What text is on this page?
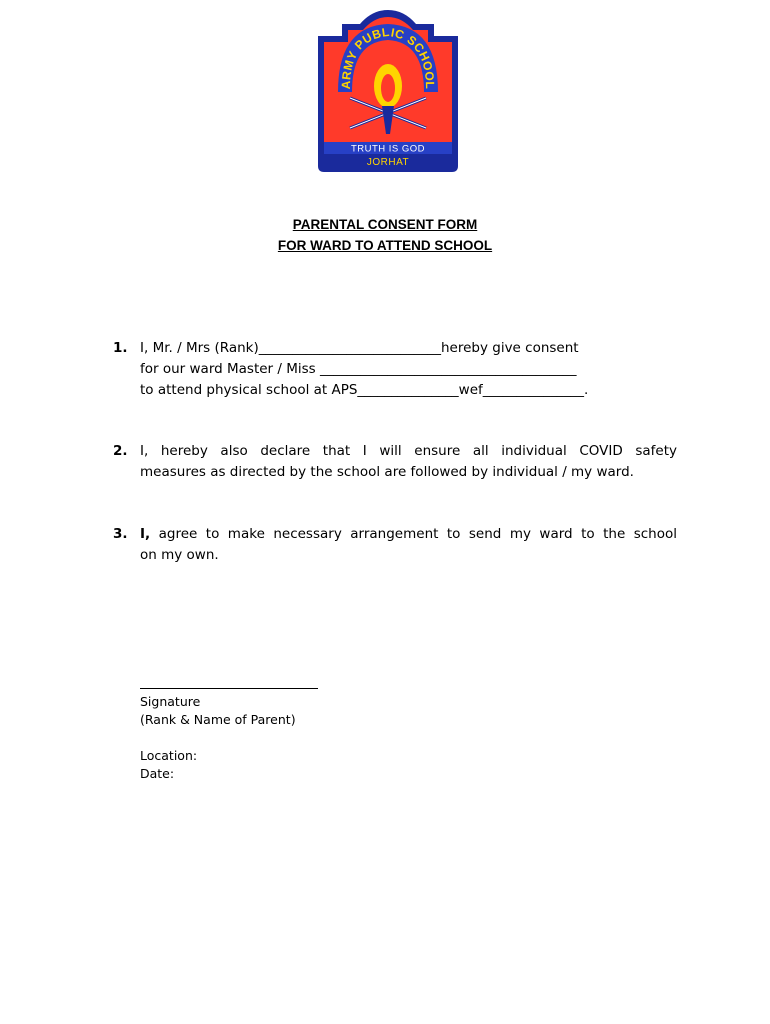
ARMY PUBLIC SCHOOL
TRUTH IS GOD
JORHAT

PARENTAL CONSENT FORM

FOR WARD TO ATTEND SCHOOL

1. I, Mr. / Mrs (Rank)___________________________hereby give consent
for our ward Master / Miss ______________________________________
to attend physical school at APS_______________wef_______________.
2. I, hereby also declare that I will ensure all individual COVID safety
measures as directed by the school are followed by individual / my ward.
3. I, agree to make necessary arrangement to send my ward to the school
on my own.
Signature
(Rank & Name of Parent)
Location:
Date:
